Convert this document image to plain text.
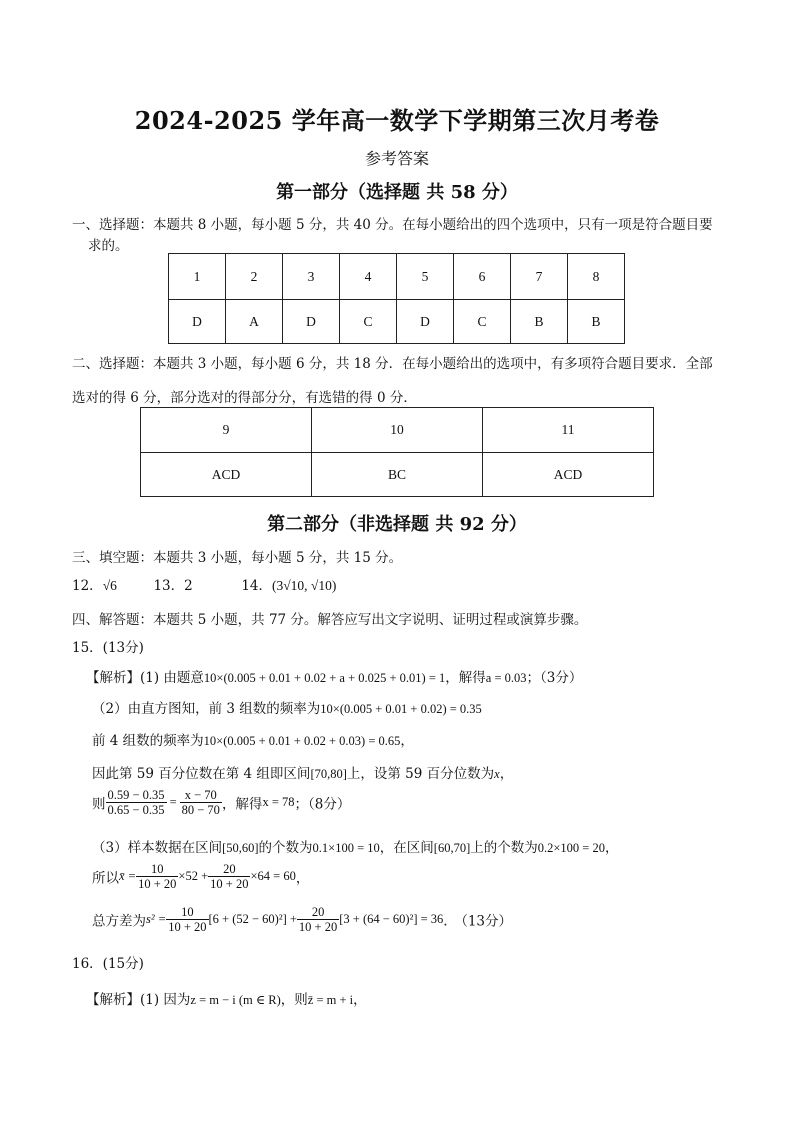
2024-2025 学年高一数学下学期第三次月考卷
参考答案
第一部分（选择题 共 58 分）
一、选择题：本题共 8 小题，每小题 5 分，共 40 分。在每小题给出的四个选项中，只有一项是符合题目要
求的。
1	2	3	4	5	6	7	8
D	A	D	C	D	C	B	B
二、选择题：本题共 3 小题，每小题 6 分，共 18 分．在每小题给出的选项中，有多项符合题目要求．全部
选对的得 6 分，部分选对的得部分分，有选错的得 0 分．
9	10	11
ACD	BC	ACD
第二部分（非选择题 共 92 分）
三、填空题：本题共 3 小题，每小题 5 分，共 15 分。
12．√6	13．2	14．(3√10, √10)
四、解答题：本题共 5 小题，共 77 分。解答应写出文字说明、证明过程或演算步骤。
15．(13分)
【解析】(1) 由题意10×(0.005 + 0.01 + 0.02 + a + 0.025 + 0.01) = 1，解得a = 0.03；（3分）
（2）由直方图知，前 3 组数的频率为10×(0.005 + 0.01 + 0.02) = 0.35
前 4 组数的频率为10×(0.005 + 0.01 + 0.02 + 0.03) = 0.65，
因此第 59 百分位数在第 4 组即区间[70,80]上，设第 59 百分位数为x，
则 $\frac{0.59 - 0.35}{0.65 - 0.35} = \frac{x - 70}{80 - 70}$ ，解得x = 78；（8分）
（3）样本数据在区间[50,60]的个数为0.1×100 = 10，在区间[60,70]上的个数为0.2×100 = 20，
所以x̄ = $\frac{10}{10 + 20} \times 52 + \frac{20}{10 + 20} \times 64 = 60$，
总方差为$s^2 = \frac{10}{10 + 20} [6 + (52 - 60)^2] + \frac{20}{10 + 20} [3 + (64 - 60)^2] = 36$.　（13分）
16．(15分)
【解析】(1) 因为z = m − i (m ∈ R)，则z̄ = m + i，
